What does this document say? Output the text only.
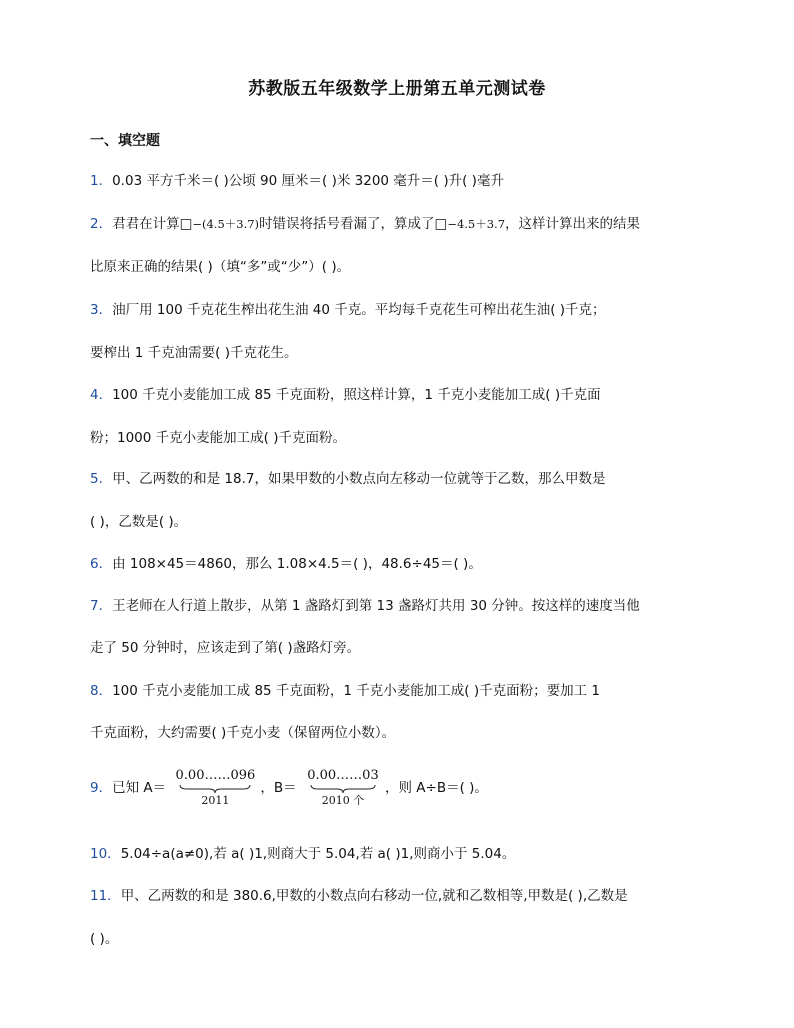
苏教版五年级数学上册第五单元测试卷
一、填空题
1．0.03 平方千米＝( )公顷 90 厘米＝( )米 3200 毫升＝( )升( )毫升
2．君君在计算□−(4.5＋3.7)时错误将括号看漏了，算成了□−4.5＋3.7，这样计算出来的结果
比原来正确的结果( )（填“多”或“少”）( )。
3．油厂用 100 千克花生榨出花生油 40 千克。平均每千克花生可榨出花生油( )千克；
要榨出 1 千克油需要( )千克花生。
4．100 千克小麦能加工成 85 千克面粉，照这样计算，1 千克小麦能加工成( )千克面
粉；1000 千克小麦能加工成( )千克面粉。
5．甲、乙两数的和是 18.7，如果甲数的小数点向左移动一位就等于乙数，那么甲数是
( )，乙数是( )。
6．由 108×45＝4860，那么 1.08×4.5＝( )，48.6÷45＝( )。
7．王老师在人行道上散步，从第 1 盏路灯到第 13 盏路灯共用 30 分钟。按这样的速度当他
走了 50 分钟时，应该走到了第( )盏路灯旁。
8．100 千克小麦能加工成 85 千克面粉，1 千克小麦能加工成( )千克面粉；要加工 1
千克面粉，大约需要( )千克小麦（保留两位小数）。
9．已知 A＝
0.00……096
2011
，B＝
0.00……03
2010 个
，则 A÷B＝( )。
10．5.04÷a(a≠0),若 a( )1,则商大于 5.04,若 a( )1,则商小于 5.04。
11．甲、乙两数的和是 380.6,甲数的小数点向右移动一位,就和乙数相等,甲数是( ),乙数是
( )。
